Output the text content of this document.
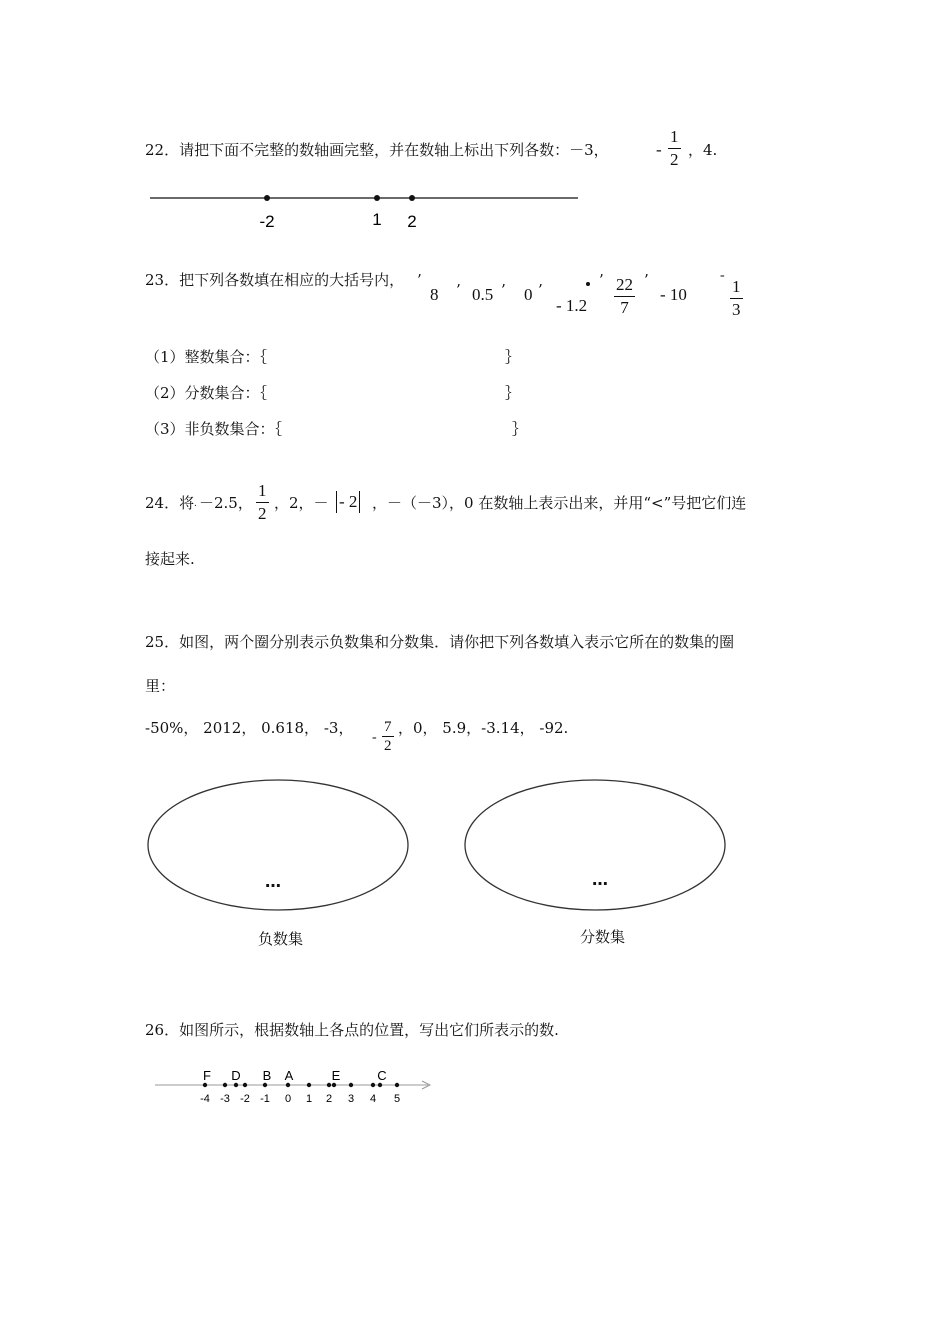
22．请把下面不完整的数轴画完整，并在数轴上标出下列各数：－3，	- $\frac{1}{2}$ ，4.
-2	1 2
23．把下列各数填在相应的大括号内， ’
8 ’ 0.5 ’ 0 ’
- 1.2
’ $\frac{22}{7}$ ’
- 10
-
$\frac{1}{3}$
（1）整数集合：｛	｝
（2）分数集合：｛	｝
（3）非负数集合：｛	｝
24．将 . －2.5， $\frac{1}{2}$ ，2，－ - 2 ，－（－3），0 在数轴上表示出来，并用“<”号把它们连
接起来.
25．如图，两个圈分别表示负数集和分数集．请你把下列各数填入表示它所在的数集的圈
里：
-50%， 2012， 0.618， -3，
- $\frac{7}{2}$ ，0， 5.9，-3.14， -92.
…	…
负数集	分数集
26．如图所示，根据数轴上各点的位置，写出它们所表示的数.
-4 -3 -2 -1 0 1 2 3 4 5
F D B A	E	C
